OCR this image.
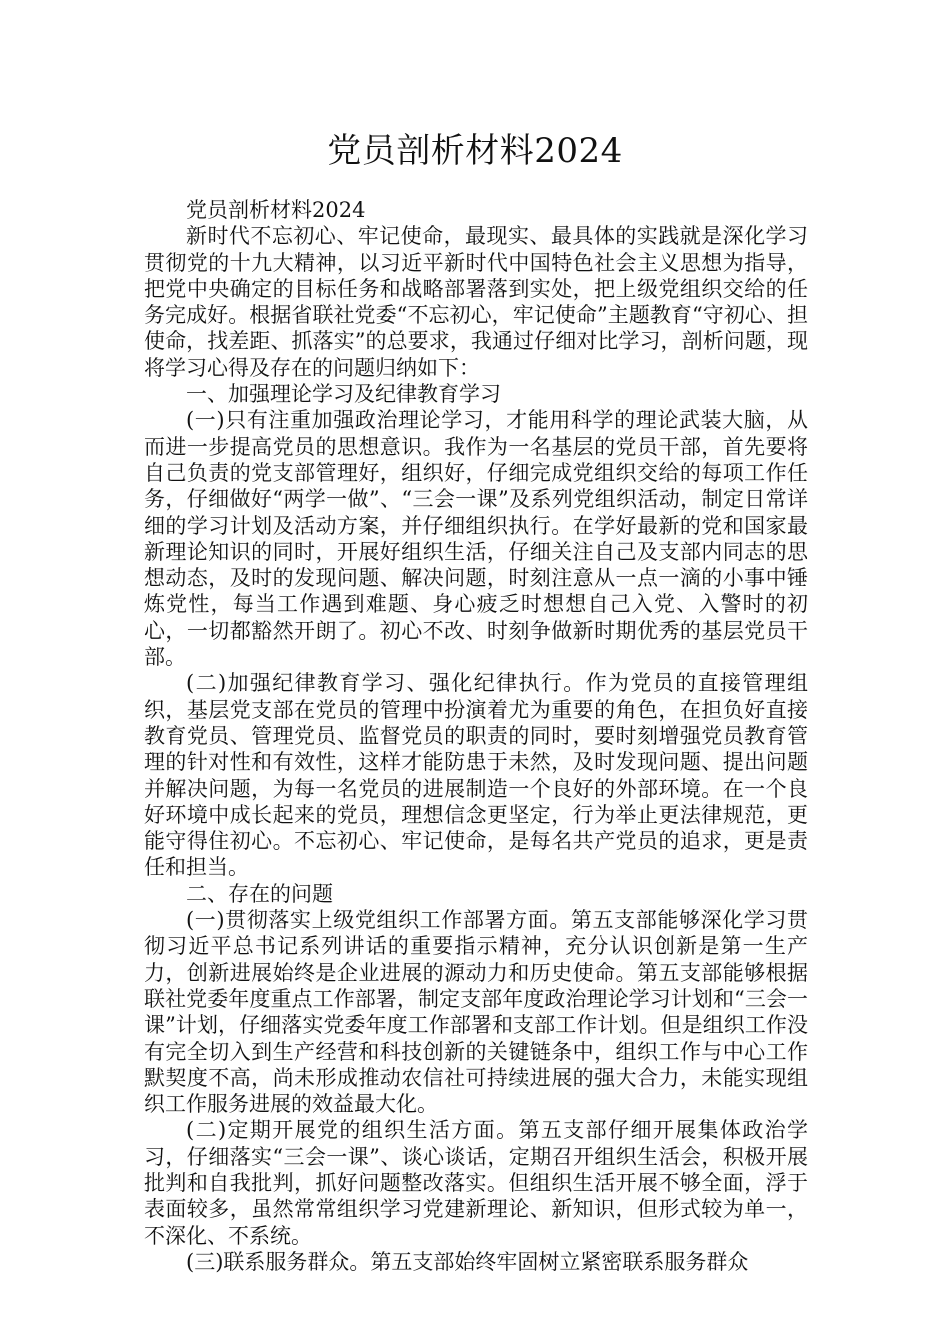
党员剖析材料2024

党员剖析材料2024

新时代不忘初心、牢记使命，最现实、最具体的实践就是深化学习贯彻党的十九大精神，以习近平新时代中国特色社会主义思想为指导，把党中央确定的目标任务和战略部署落到实处，把上级党组织交给的任务完成好。根据省联社党委“不忘初心，牢记使命”主题教育“守初心、担使命，找差距、抓落实”的总要求，我通过仔细对比学习，剖析问题，现将学习心得及存在的问题归纳如下：

一、加强理论学习及纪律教育学习

(一)只有注重加强政治理论学习，才能用科学的理论武装大脑，从而进一步提高党员的思想意识。我作为一名基层的党员干部，首先要将自己负责的党支部管理好，组织好，仔细完成党组织交给的每项工作任务，仔细做好“两学一做”、“三会一课”及系列党组织活动，制定日常详细的学习计划及活动方案，并仔细组织执行。在学好最新的党和国家最新理论知识的同时，开展好组织生活，仔细关注自己及支部内同志的思想动态，及时的发现问题、解决问题，时刻注意从一点一滴的小事中锤炼党性，每当工作遇到难题、身心疲乏时想想自己入党、入警时的初心，一切都豁然开朗了。初心不改、时刻争做新时期优秀的基层党员干部。

(二)加强纪律教育学习、强化纪律执行。作为党员的直接管理组织，基层党支部在党员的管理中扮演着尤为重要的角色，在担负好直接教育党员、管理党员、监督党员的职责的同时，要时刻增强党员教育管理的针对性和有效性，这样才能防患于未然，及时发现问题、提出问题并解决问题，为每一名党员的进展制造一个良好的外部环境。在一个良好环境中成长起来的党员，理想信念更坚定，行为举止更法律规范，更能守得住初心。不忘初心、牢记使命，是每名共产党员的追求，更是责任和担当。

二、存在的问题

(一)贯彻落实上级党组织工作部署方面。第五支部能够深化学习贯彻习近平总书记系列讲话的重要指示精神，充分认识创新是第一生产力，创新进展始终是企业进展的源动力和历史使命。第五支部能够根据联社党委年度重点工作部署，制定支部年度政治理论学习计划和“三会一课”计划，仔细落实党委年度工作部署和支部工作计划。但是组织工作没有完全切入到生产经营和科技创新的关键链条中，组织工作与中心工作默契度不高，尚未形成推动农信社可持续进展的强大合力，未能实现组织工作服务进展的效益最大化。

(二)定期开展党的组织生活方面。第五支部仔细开展集体政治学习，仔细落实“三会一课”、谈心谈话，定期召开组织生活会，积极开展批判和自我批判，抓好问题整改落实。但组织生活开展不够全面，浮于表面较多，虽然常常组织学习党建新理论、新知识，但形式较为单一，不深化、不系统。

(三)联系服务群众。第五支部始终牢固树立紧密联系服务群众
